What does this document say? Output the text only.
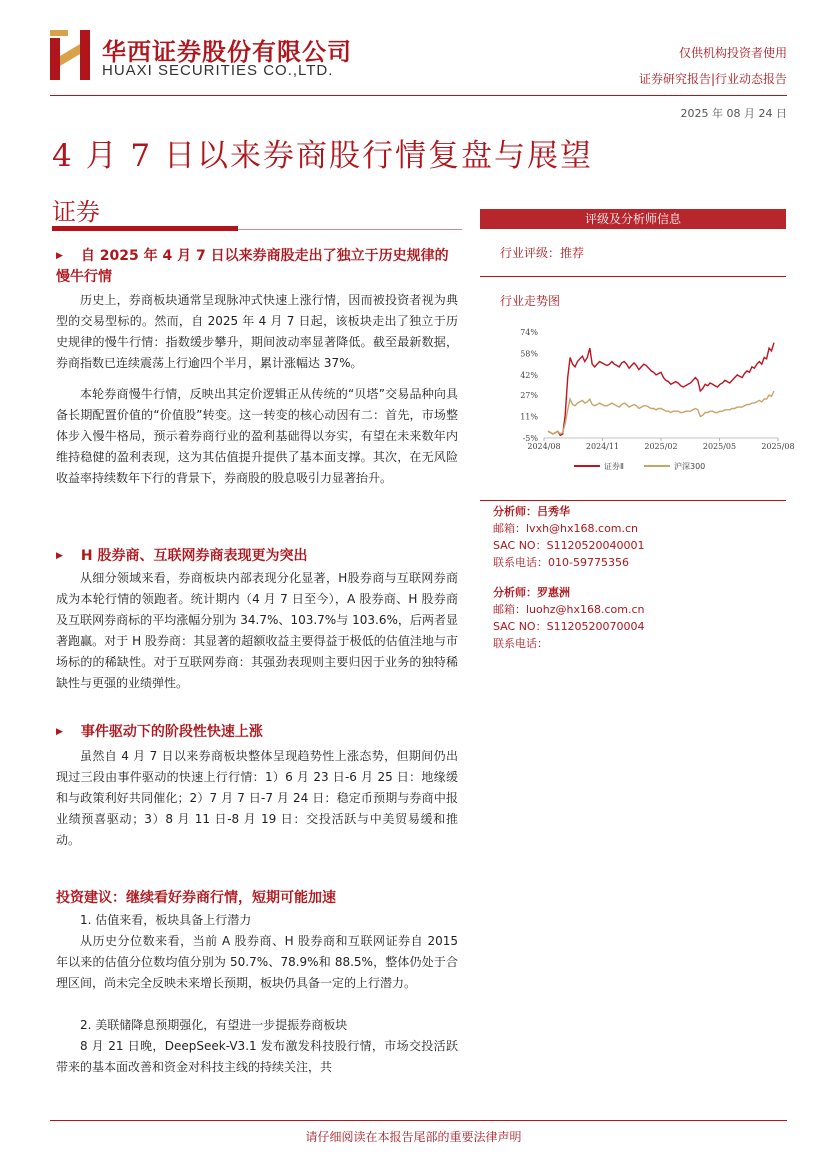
华西证券股份有限公司
HUAXI SECURITIES CO.,LTD.
仅供机构投资者使用
证券研究报告|行业动态报告
2025 年 08 月 24 日
4 月 7 日以来券商股行情复盘与展望
证券
▶ 自 2025 年 4 月 7 日以来券商股走出了独立于历史规律的慢牛行情
历史上，券商板块通常呈现脉冲式快速上涨行情，因而被投资者视为典型的交易型标的。然而，自 2025 年 4 月 7 日起，该板块走出了独立于历史规律的慢牛行情：指数缓步攀升，期间波动率显著降低。截至最新数据，券商指数已连续震荡上行逾四个半月，累计涨幅达 37%。
本轮券商慢牛行情，反映出其定价逻辑正从传统的“贝塔”交易品种向具备长期配置价值的“价值股”转变。这一转变的核心动因有二：首先，市场整体步入慢牛格局，预示着券商行业的盈利基础得以夯实，有望在未来数年内维持稳健的盈利表现，这为其估值提升提供了基本面支撑。其次，在无风险收益率持续数年下行的背景下，券商股的股息吸引力显著抬升。
▶ H 股券商、互联网券商表现更为突出
从细分领域来看，券商板块内部表现分化显著，H股券商与互联网券商成为本轮行情的领跑者。统计期内（4 月 7 日至今），A 股券商、H 股券商及互联网券商标的平均涨幅分别为 34.7%、103.7%与 103.6%，后两者显著跑赢。对于 H 股券商：其显著的超额收益主要得益于极低的估值洼地与市场标的的稀缺性。对于互联网券商：其强劲表现则主要归因于业务的独特稀缺性与更强的业绩弹性。
▶ 事件驱动下的阶段性快速上涨
虽然自 4 月 7 日以来券商板块整体呈现趋势性上涨态势，但期间仍出现过三段由事件驱动的快速上行行情：1）6 月 23 日-6 月 25 日：地缘缓和与政策利好共同催化；2）7 月 7 日-7 月 24 日：稳定币预期与券商中报业绩预喜驱动；3）8 月 11 日-8 月 19 日：交投活跃与中美贸易缓和推动。
投资建议：继续看好券商行情，短期可能加速
1. 估值来看，板块具备上行潜力
从历史分位数来看，当前 A 股券商、H 股券商和互联网证券自 2015 年以来的估值分位数均值分别为 50.7%、78.9%和 88.5%，整体仍处于合理区间，尚未完全反映未来增长预期，板块仍具备一定的上行潜力。
2. 美联储降息预期强化，有望进一步提振券商板块
8 月 21 日晚，DeepSeek-V3.1 发布激发科技股行情，市场交投活跃带来的基本面改善和资金对科技主线的持续关注，共
评级及分析师信息
行业评级：推荐
行业走势图
74%
58%
42%
27%
11%
-5%
2024/08	2024/11	2025/02	2025/05	2025/08
证券Ⅱ	沪深300
分析师：吕秀华
邮箱：lvxh@hx168.com.cn
SAC NO：S1120520040001
联系电话：010-59775356
分析师：罗惠洲
邮箱：luohz@hx168.com.cn
SAC NO：S1120520070004
联系电话：
请仔细阅读在本报告尾部的重要法律声明
